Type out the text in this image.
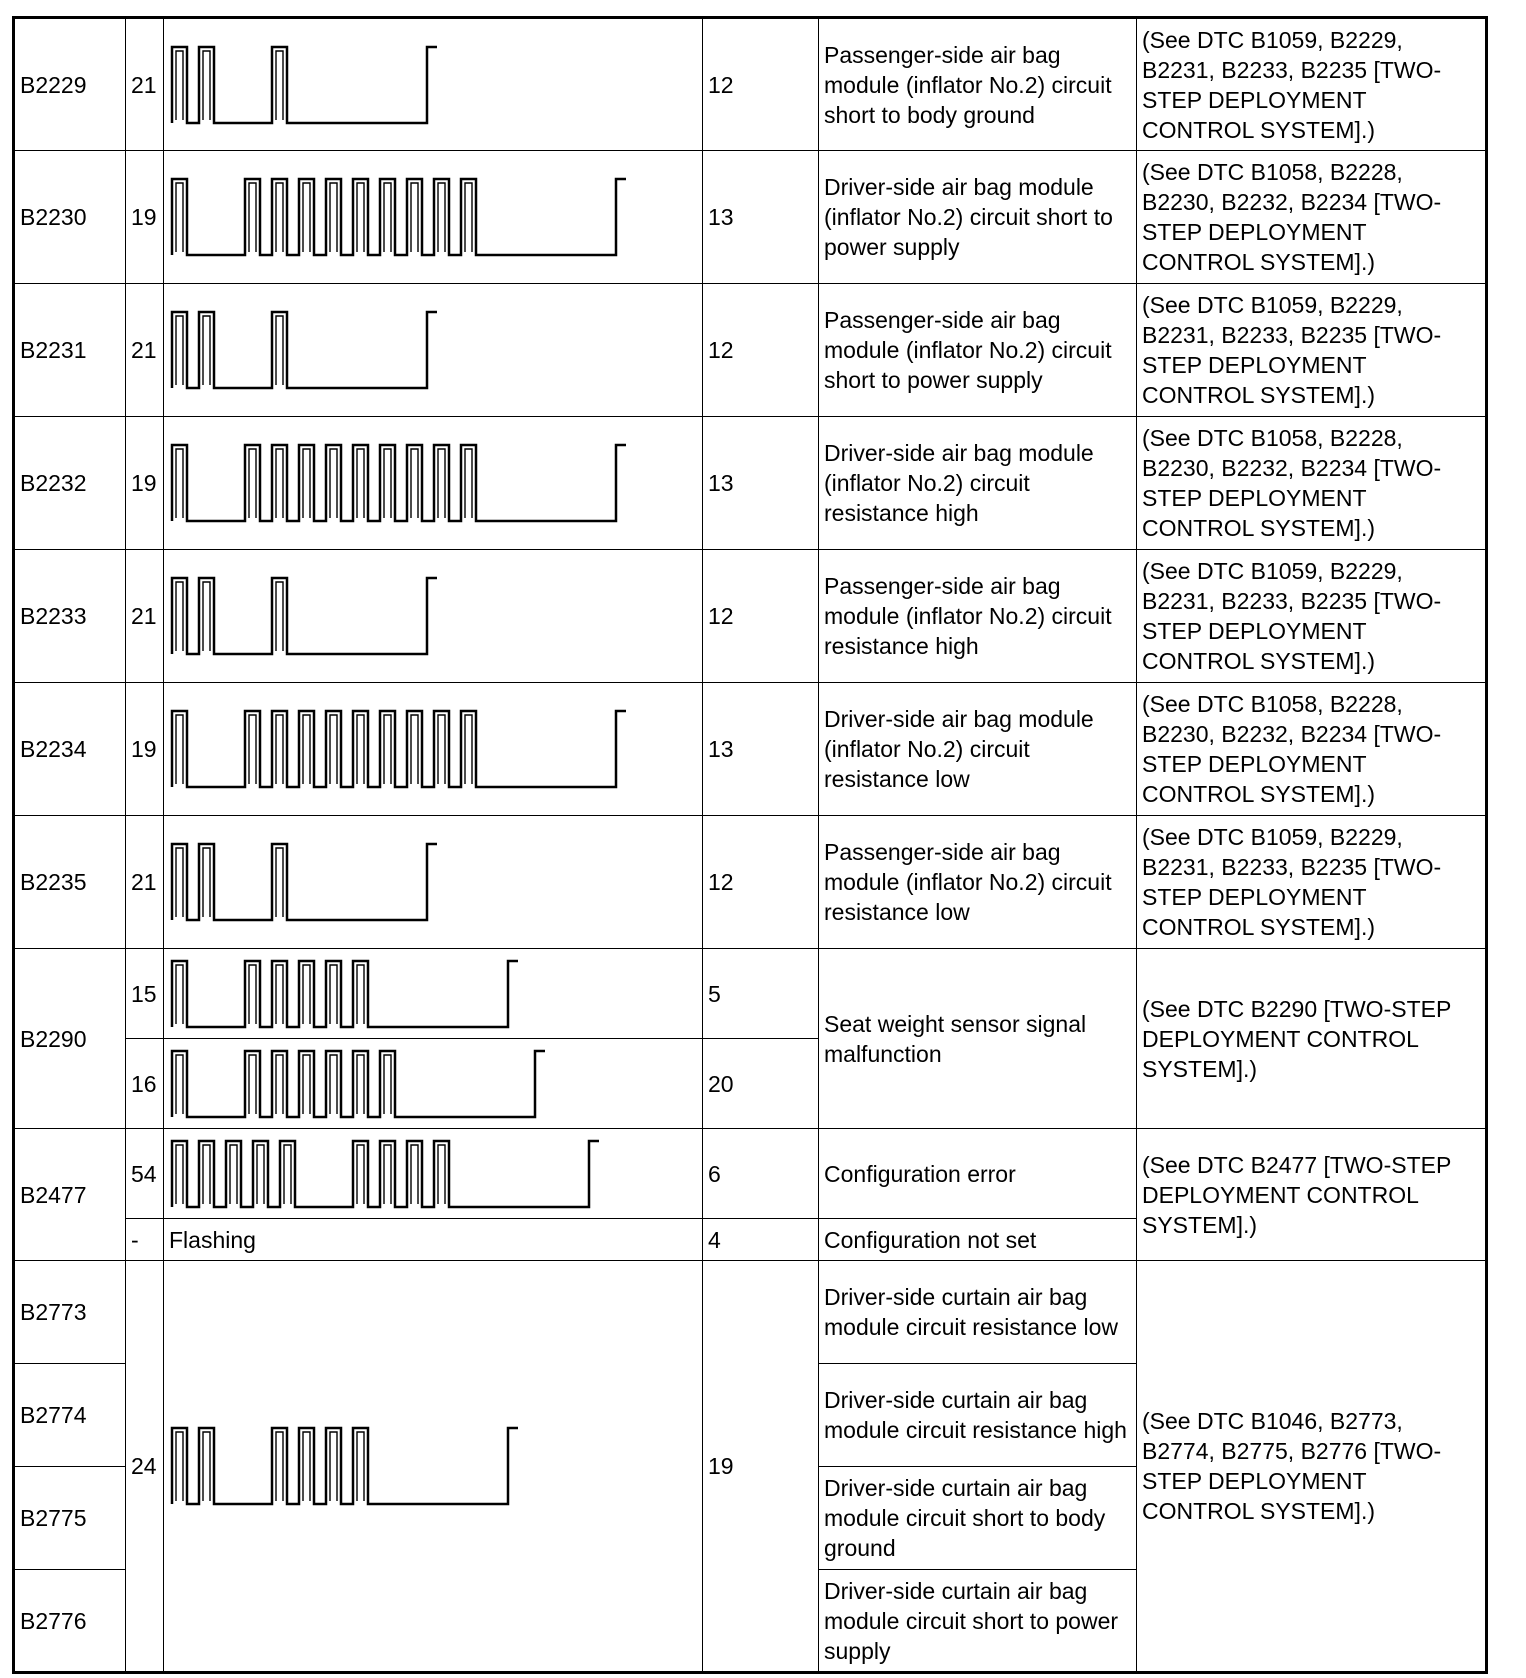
B2229	21		12	Passenger-side air bag module (inflator No.2) circuit short to body ground	(See DTC B1059, B2229, B2231, B2233, B2235 [TWO-STEP DEPLOYMENT CONTROL SYSTEM].)
B2230	19		13	Driver-side air bag module (inflator No.2) circuit short to power supply	(See DTC B1058, B2228, B2230, B2232, B2234 [TWO-STEP DEPLOYMENT CONTROL SYSTEM].)
B2231	21		12	Passenger-side air bag module (inflator No.2) circuit short to power supply	(See DTC B1059, B2229, B2231, B2233, B2235 [TWO-STEP DEPLOYMENT CONTROL SYSTEM].)
B2232	19		13	Driver-side air bag module (inflator No.2) circuit resistance high	(See DTC B1058, B2228, B2230, B2232, B2234 [TWO-STEP DEPLOYMENT CONTROL SYSTEM].)
B2233	21		12	Passenger-side air bag module (inflator No.2) circuit resistance high	(See DTC B1059, B2229, B2231, B2233, B2235 [TWO-STEP DEPLOYMENT CONTROL SYSTEM].)
B2234	19		13	Driver-side air bag module (inflator No.2) circuit resistance low	(See DTC B1058, B2228, B2230, B2232, B2234 [TWO-STEP DEPLOYMENT CONTROL SYSTEM].)
B2235	21		12	Passenger-side air bag module (inflator No.2) circuit resistance low	(See DTC B1059, B2229, B2231, B2233, B2235 [TWO-STEP DEPLOYMENT CONTROL SYSTEM].)
B2290	15		5	Seat weight sensor signal malfunction	(See DTC B2290 [TWO-STEP DEPLOYMENT CONTROL SYSTEM].)
	16		20		
B2477	54		6	Configuration error	(See DTC B2477 [TWO-STEP DEPLOYMENT CONTROL SYSTEM].)
	-	Flashing	4	Configuration not set	
B2773	24		19	Driver-side curtain air bag module circuit resistance low	(See DTC B1046, B2773, B2774, B2775, B2776 [TWO-STEP DEPLOYMENT CONTROL SYSTEM].)
B2774				Driver-side curtain air bag module circuit resistance high	
B2775				Driver-side curtain air bag module circuit short to body ground	
B2776				Driver-side curtain air bag module circuit short to power supply	
